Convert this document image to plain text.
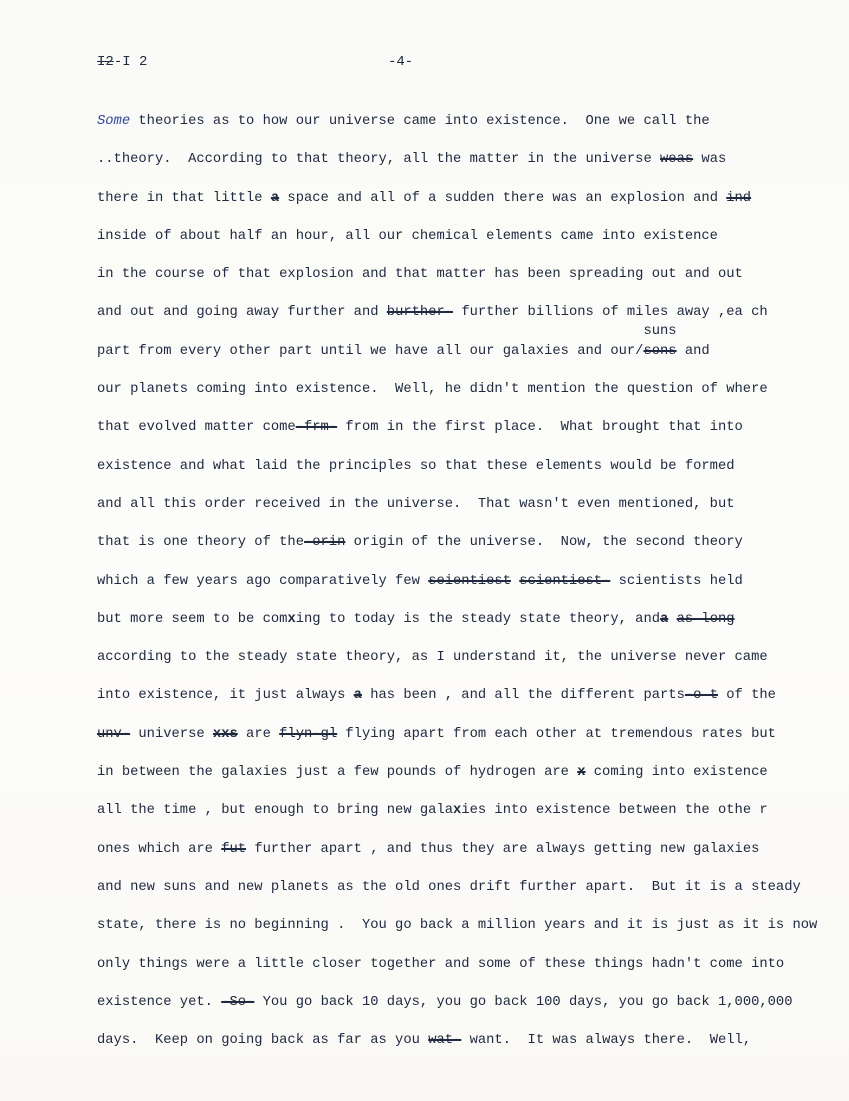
I2-I 2

	-4-

Some theories as to how our universe came into existence.  One we call the
..theory.  According to that theory, all the matter in the universe weas was
there in that little a space and all of a sudden there was an explosion and ind
inside of about half an hour, all our chemical elements came into existence
in the course of that explosion and that matter has been spreading out and out
and out and going away further and burther- further billions of miles away ,ea ch
part from every other part until we have all our galaxies and our/sunssons and
our planets coming into existence.  Well, he didn't mention the question of where
that evolved matter come-frm- from in the first place.  What brought that into
existence and what laid the principles so that these elements would be formed
and all this order received in the universe.  That wasn't even mentioned, but
that is one theory of the-orin origin of the universe.  Now, the second theory
which a few years ago comparatively few seientiest scientiest- scientists held
but more seem to be comxing to today is the steady state theory, anda as long
according to the steady state theory, as I understand it, the universe never came
into existence, it just always a has been , and all the different parts-o t of the
unv- universe xxs are flyn-gl flying apart from each other at tremendous rates but
in between the galaxies just a few pounds of hydrogen are x coming into existence
all the time , but enough to bring new galaxies into existence between the othe r
ones which are fut further apart , and thus they are always getting new galaxies
and new suns and new planets as the old ones drift further apart.  But it is a steady
state, there is no beginning .  You go back a million years and it is just as it is now
only things were a little closer together and some of these things hadn't come into
existence yet. -So- You go back 10 days, you go back 100 days, you go back 1,000,000
days.  Keep on going back as far as you wat- want.  It was always there.  Well,
